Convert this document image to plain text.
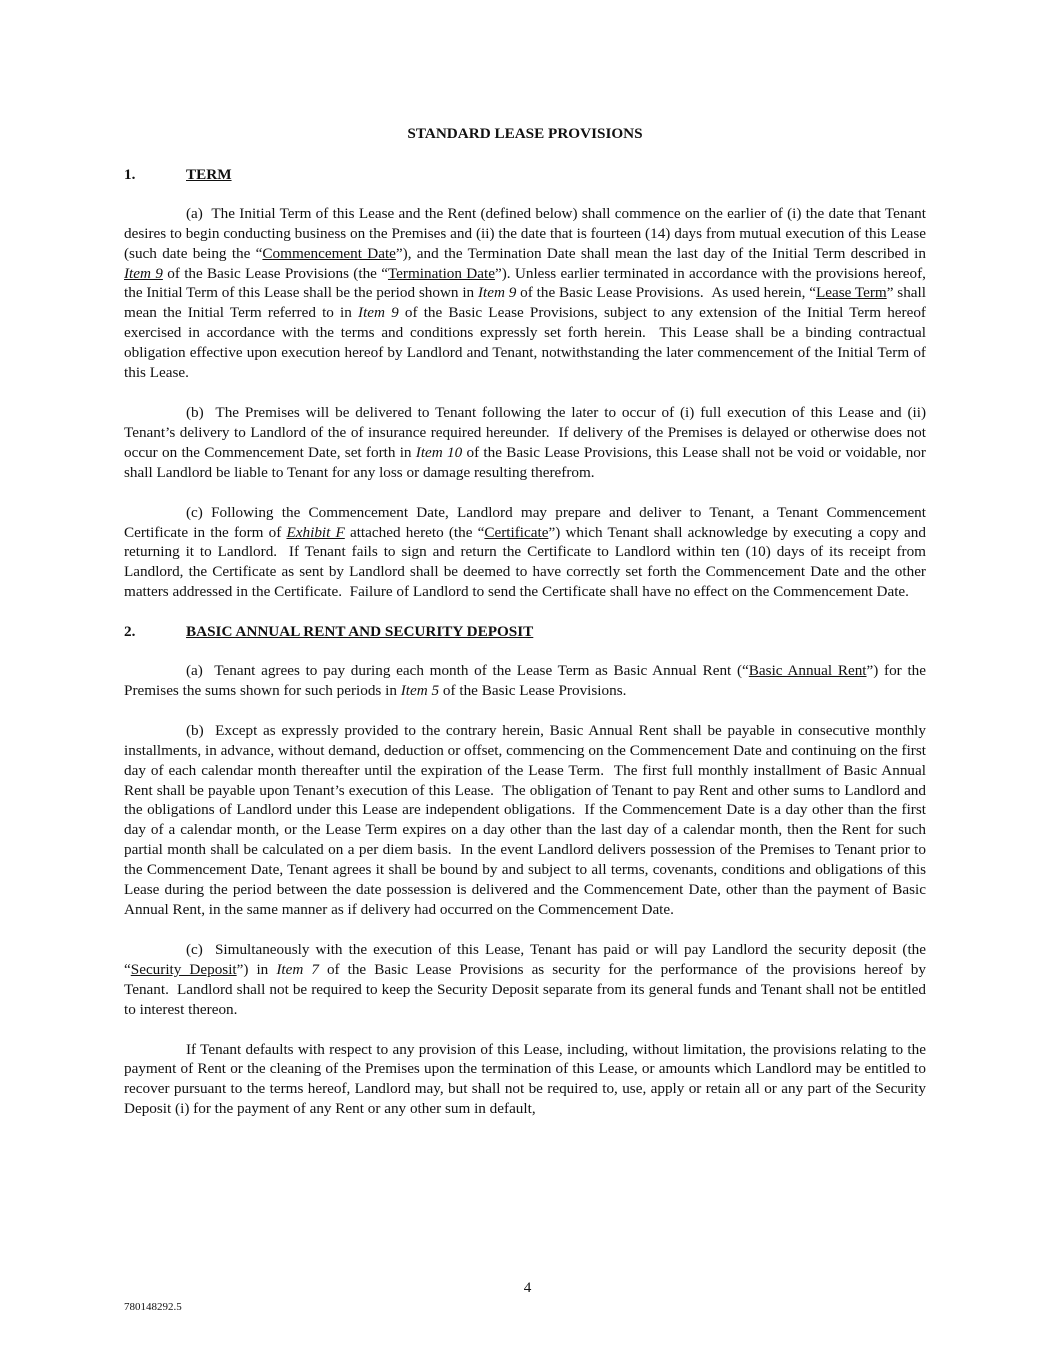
STANDARD LEASE PROVISIONS
1.	TERM

(a)  The Initial Term of this Lease and the Rent (defined below) shall commence on the earlier of (i) the date that Tenant desires to begin conducting business on the Premises and (ii) the date that is fourteen (14) days from mutual execution of this Lease (such date being the “Commencement Date”), and the Termination Date shall mean the last day of the Initial Term described in Item 9 of the Basic Lease Provisions (the “Termination Date”). Unless earlier terminated in accordance with the provisions hereof, the Initial Term of this Lease shall be the period shown in Item 9 of the Basic Lease Provisions.  As used herein, “Lease Term” shall mean the Initial Term referred to in Item 9 of the Basic Lease Provisions, subject to any extension of the Initial Term hereof exercised in accordance with the terms and conditions expressly set forth herein.  This Lease shall be a binding contractual obligation effective upon execution hereof by Landlord and Tenant, notwithstanding the later commencement of the Initial Term of this Lease.

(b)  The Premises will be delivered to Tenant following the later to occur of (i) full execution of this Lease and (ii) Tenant’s delivery to Landlord of the of insurance required hereunder.  If delivery of the Premises is delayed or otherwise does not occur on the Commencement Date, set forth in Item 10 of the Basic Lease Provisions, this Lease shall not be void or voidable, nor shall Landlord be liable to Tenant for any loss or damage resulting therefrom.

(c) Following the Commencement Date, Landlord may prepare and deliver to Tenant, a Tenant Commencement Certificate in the form of Exhibit F attached hereto (the “Certificate”) which Tenant shall acknowledge by executing a copy and returning it to Landlord.  If Tenant fails to sign and return the Certificate to Landlord within ten (10) days of its receipt from Landlord, the Certificate as sent by Landlord shall be deemed to have correctly set forth the Commencement Date and the other matters addressed in the Certificate.  Failure of Landlord to send the Certificate shall have no effect on the Commencement Date.

2.	BASIC ANNUAL RENT AND SECURITY DEPOSIT

(a)  Tenant agrees to pay during each month of the Lease Term as Basic Annual Rent (“Basic Annual Rent”) for the Premises the sums shown for such periods in Item 5 of the Basic Lease Provisions.

(b)  Except as expressly provided to the contrary herein, Basic Annual Rent shall be payable in consecutive monthly installments, in advance, without demand, deduction or offset, commencing on the Commencement Date and continuing on the first day of each calendar month thereafter until the expiration of the Lease Term.  The first full monthly installment of Basic Annual Rent shall be payable upon Tenant’s execution of this Lease.  The obligation of Tenant to pay Rent and other sums to Landlord and the obligations of Landlord under this Lease are independent obligations.  If the Commencement Date is a day other than the first day of a calendar month, or the Lease Term expires on a day other than the last day of a calendar month, then the Rent for such partial month shall be calculated on a per diem basis.  In the event Landlord delivers possession of the Premises to Tenant prior to the Commencement Date, Tenant agrees it shall be bound by and subject to all terms, covenants, conditions and obligations of this Lease during the period between the date possession is delivered and the Commencement Date, other than the payment of Basic Annual Rent, in the same manner as if delivery had occurred on the Commencement Date.

(c)  Simultaneously with the execution of this Lease, Tenant has paid or will pay Landlord the security deposit (the “Security Deposit”) in Item 7 of the Basic Lease Provisions as security for the performance of the provisions hereof by Tenant.  Landlord shall not be required to keep the Security Deposit separate from its general funds and Tenant shall not be entitled to interest thereon.

If Tenant defaults with respect to any provision of this Lease, including, without limitation, the provisions relating to the payment of Rent or the cleaning of the Premises upon the termination of this Lease, or amounts which Landlord may be entitled to recover pursuant to the terms hereof, Landlord may, but shall not be required to, use, apply or retain all or any part of the Security Deposit (i) for the payment of any Rent or any other sum in default,

4
780148292.5
